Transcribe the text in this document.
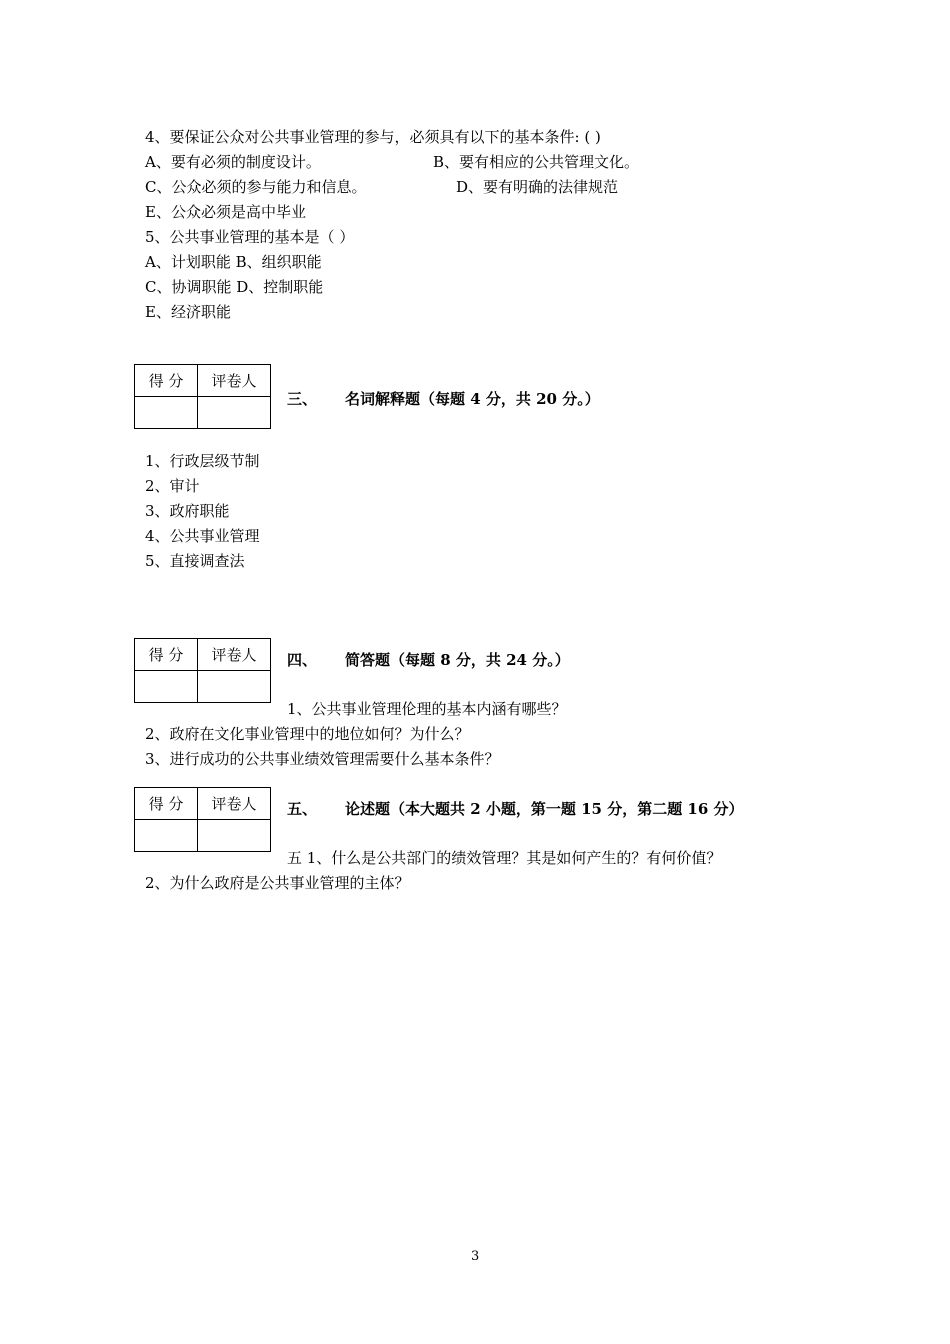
4、要保证公众对公共事业管理的参与，必须具有以下的基本条件: ( )
A、要有必须的制度设计。	B、要有相应的公共管理文化。
C、公众必须的参与能力和信息。	D、要有明确的法律规范
E、公众必须是高中毕业
5、公共事业管理的基本是（ ）
A、计划职能 B、组织职能
C、协调职能 D、控制职能
E、经济职能
得 分	评卷人

三、 名词解释题（每题 4 分，共 20 分。）
1、行政层级节制
2、审计
3、政府职能
4、公共事业管理
5、直接调查法
得 分	评卷人
	四、 简答题（每题 8 分，共 24 分。）
1、公共事业管理伦理的基本内涵有哪些？
2、政府在文化事业管理中的地位如何？为什么？
3、进行成功的公共事业绩效管理需要什么基本条件？
得 分	评卷人
	五、 论述题（本大题共 2 小题，第一题 15 分，第二题 16 分）
五 1、什么是公共部门的绩效管理？其是如何产生的？有何价值？
2、为什么政府是公共事业管理的主体？
3
